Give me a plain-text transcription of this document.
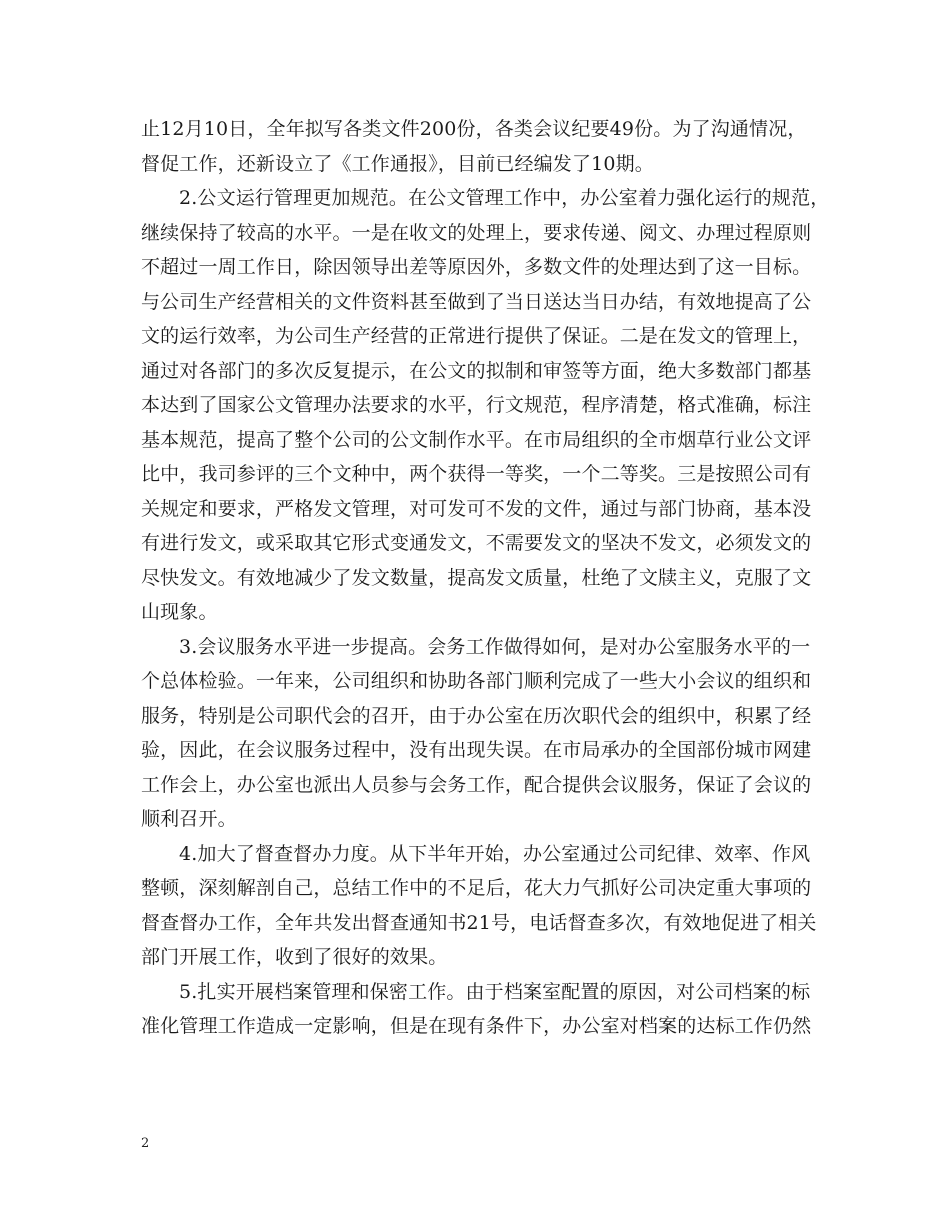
止12月10日，全年拟写各类文件200份，各类会议纪要49份。为了沟通情况，
督促工作，还新设立了《工作通报》，目前已经编发了10期。
2.公文运行管理更加规范。在公文管理工作中，办公室着力强化运行的规范，
继续保持了较高的水平。一是在收文的处理上，要求传递、阅文、办理过程原则
不超过一周工作日，除因领导出差等原因外，多数文件的处理达到了这一目标。
与公司生产经营相关的文件资料甚至做到了当日送达当日办结，有效地提高了公
文的运行效率，为公司生产经营的正常进行提供了保证。二是在发文的管理上，
通过对各部门的多次反复提示，在公文的拟制和审签等方面，绝大多数部门都基
本达到了国家公文管理办法要求的水平，行文规范，程序清楚，格式准确，标注
基本规范，提高了整个公司的公文制作水平。在市局组织的全市烟草行业公文评
比中，我司参评的三个文种中，两个获得一等奖，一个二等奖。三是按照公司有
关规定和要求，严格发文管理，对可发可不发的文件，通过与部门协商，基本没
有进行发文，或采取其它形式变通发文，不需要发文的坚决不发文，必须发文的
尽快发文。有效地减少了发文数量，提高发文质量，杜绝了文牍主义，克服了文
山现象。
3.会议服务水平进一步提高。会务工作做得如何，是对办公室服务水平的一
个总体检验。一年来，公司组织和协助各部门顺利完成了一些大小会议的组织和
服务，特别是公司职代会的召开，由于办公室在历次职代会的组织中，积累了经
验，因此，在会议服务过程中，没有出现失误。在市局承办的全国部份城市网建
工作会上，办公室也派出人员参与会务工作，配合提供会议服务，保证了会议的
顺利召开。
4.加大了督查督办力度。从下半年开始，办公室通过公司纪律、效率、作风
整顿，深刻解剖自己，总结工作中的不足后，花大力气抓好公司决定重大事项的
督查督办工作，全年共发出督查通知书21号，电话督查多次，有效地促进了相关
部门开展工作，收到了很好的效果。
5.扎实开展档案管理和保密工作。由于档案室配置的原因，对公司档案的标
准化管理工作造成一定影响，但是在现有条件下，办公室对档案的达标工作仍然
2
